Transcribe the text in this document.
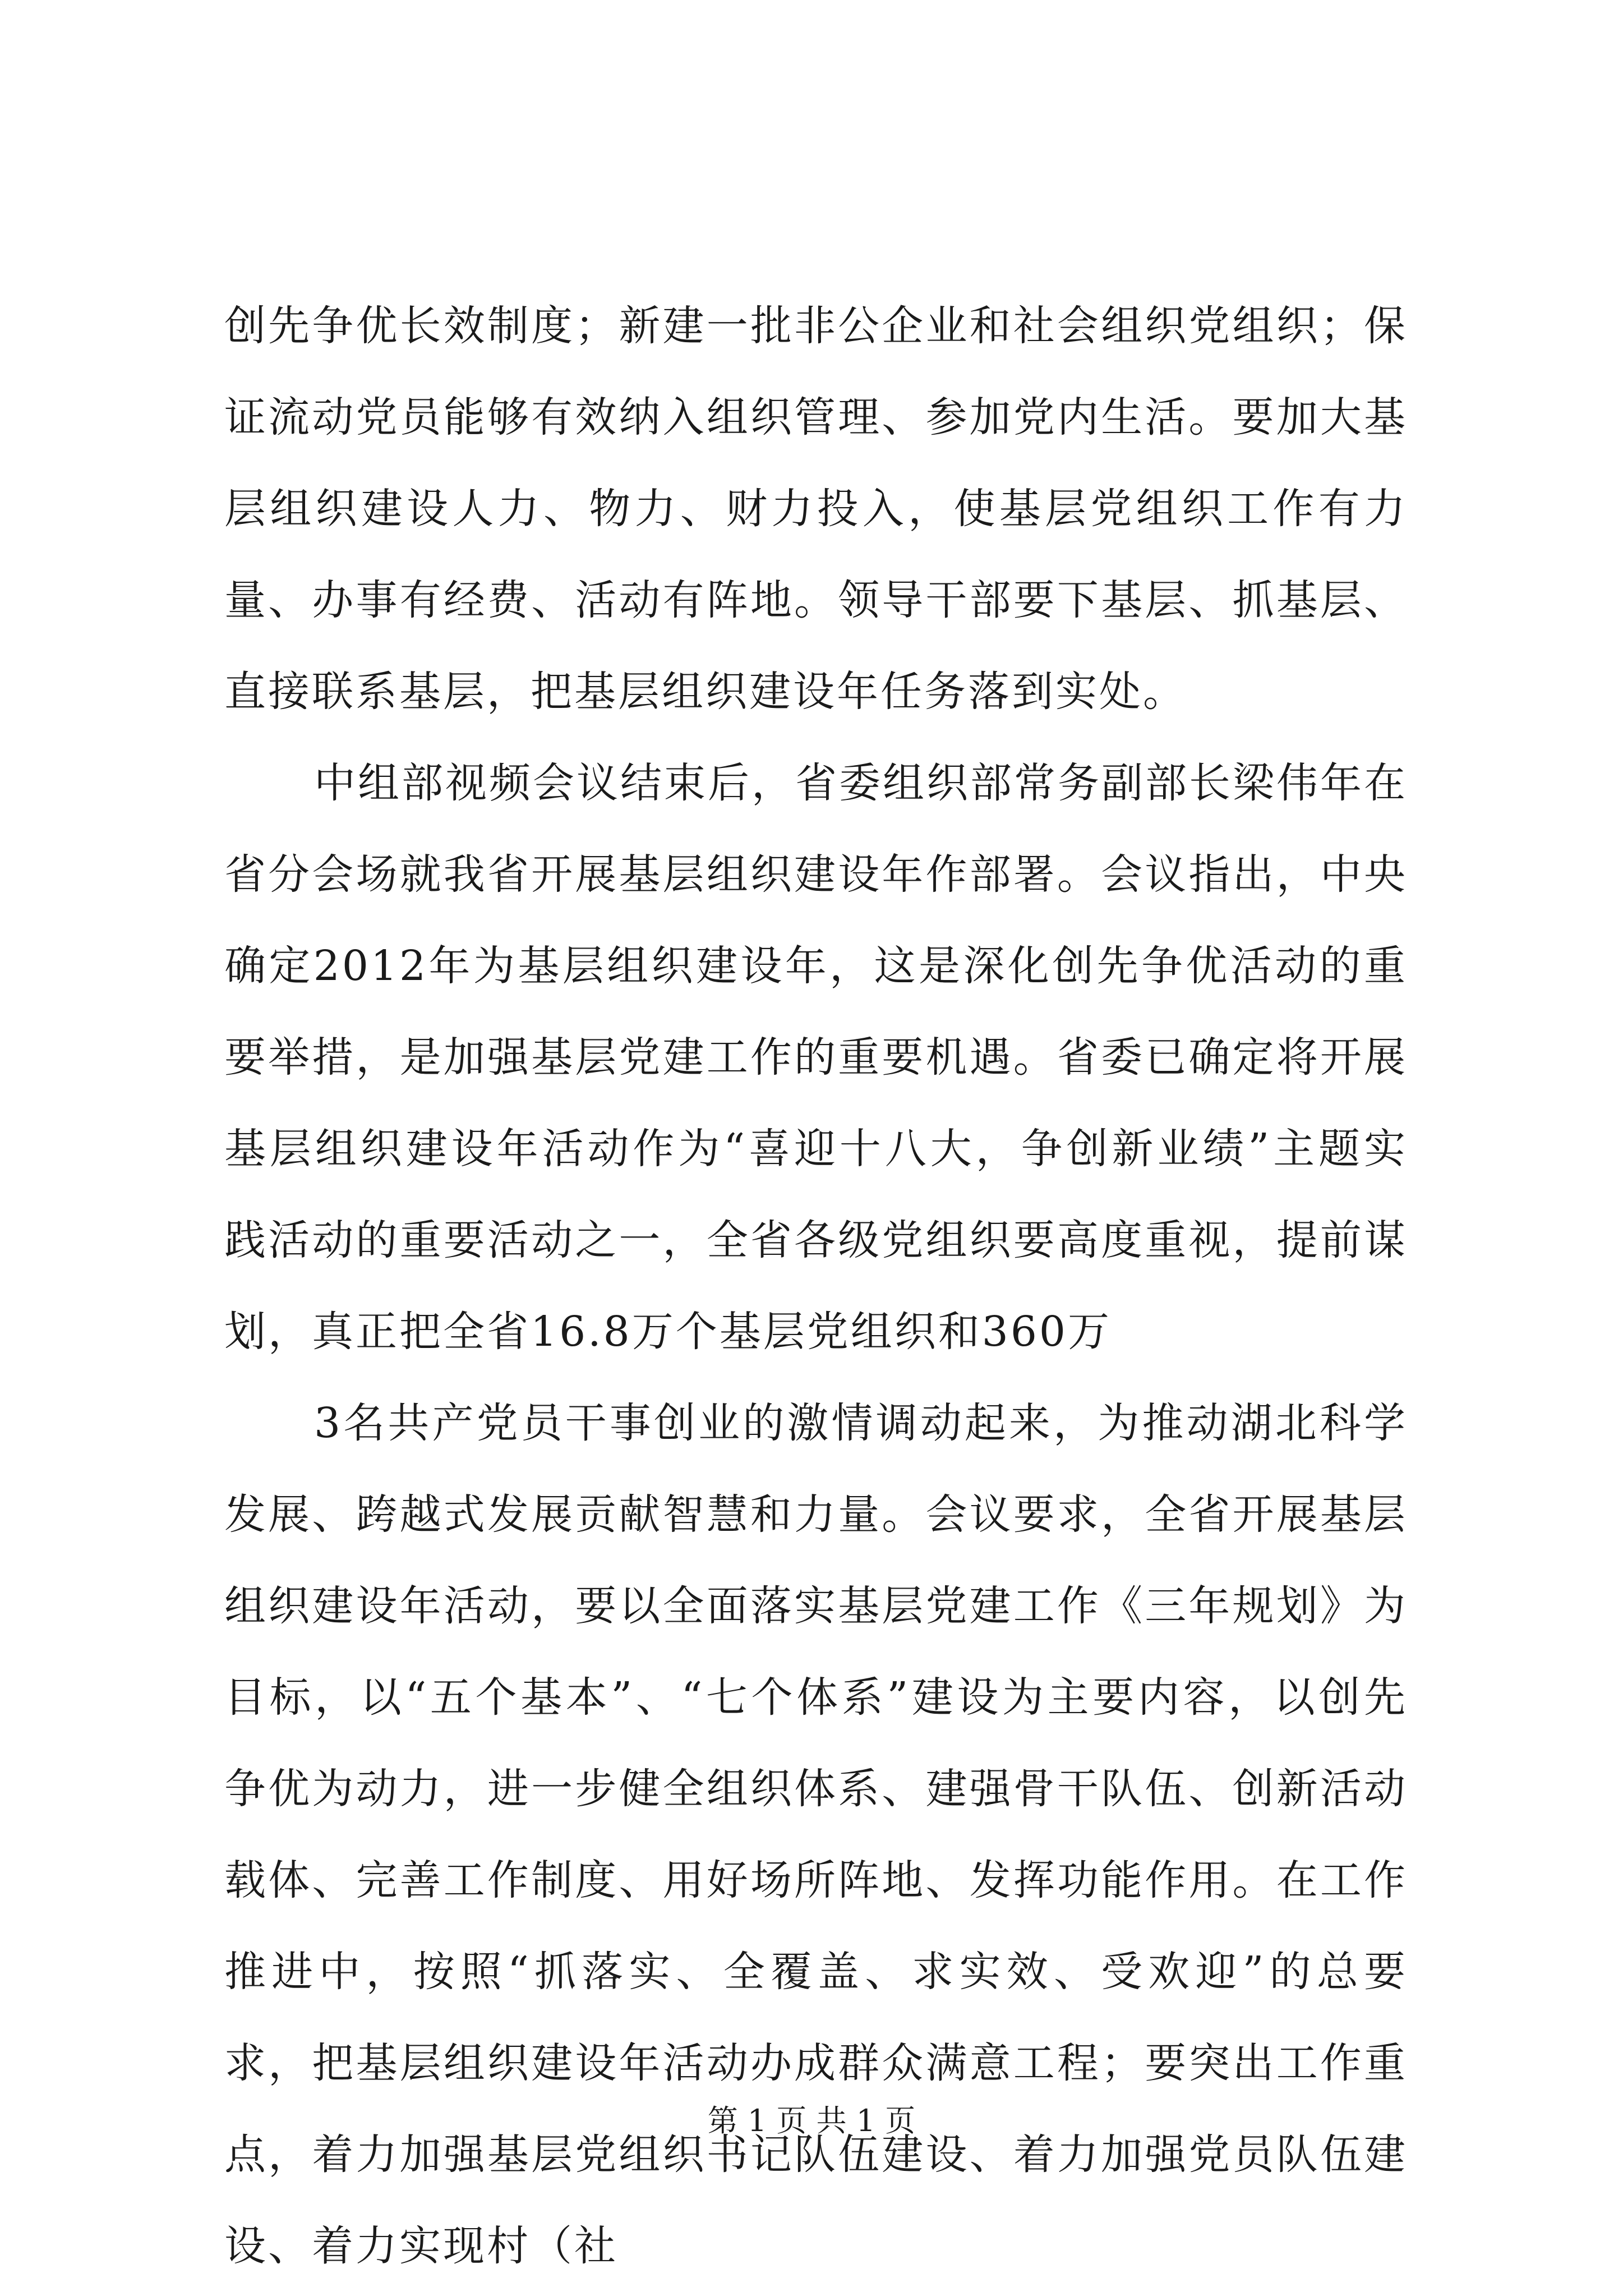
创先争优长效制度；新建一批非公企业和社会组织党组织；保证流动党员能够有效纳入组织管理、参加党内生活。要加大基层组织建设人力、物力、财力投入，使基层党组织工作有力量、办事有经费、活动有阵地。领导干部要下基层、抓基层、直接联系基层，把基层组织建设年任务落到实处。

中组部视频会议结束后，省委组织部常务副部长梁伟年在省分会场就我省开展基层组织建设年作部署。会议指出，中央确定2012年为基层组织建设年，这是深化创先争优活动的重要举措，是加强基层党建工作的重要机遇。省委已确定将开展基层组织建设年活动作为“喜迎十八大，争创新业绩”主题实践活动的重要活动之一，全省各级党组织要高度重视，提前谋划，真正把全省16.8万个基层党组织和360万

3名共产党员干事创业的激情调动起来，为推动湖北科学发展、跨越式发展贡献智慧和力量。会议要求，全省开展基层组织建设年活动，要以全面落实基层党建工作《三年规划》为目标，以“五个基本”、“七个体系”建设为主要内容，以创先争优为动力，进一步健全组织体系、建强骨干队伍、创新活动载体、完善工作制度、用好场所阵地、发挥功能作用。在工作推进中，按照“抓落实、全覆盖、求实效、受欢迎”的总要求，把基层组织建设年活动办成群众满意工程；要突出工作重点，着力加强基层党组织书记队伍建设、着力加强党员队伍建设、着力实现村（社

第 1 页 共 1 页
